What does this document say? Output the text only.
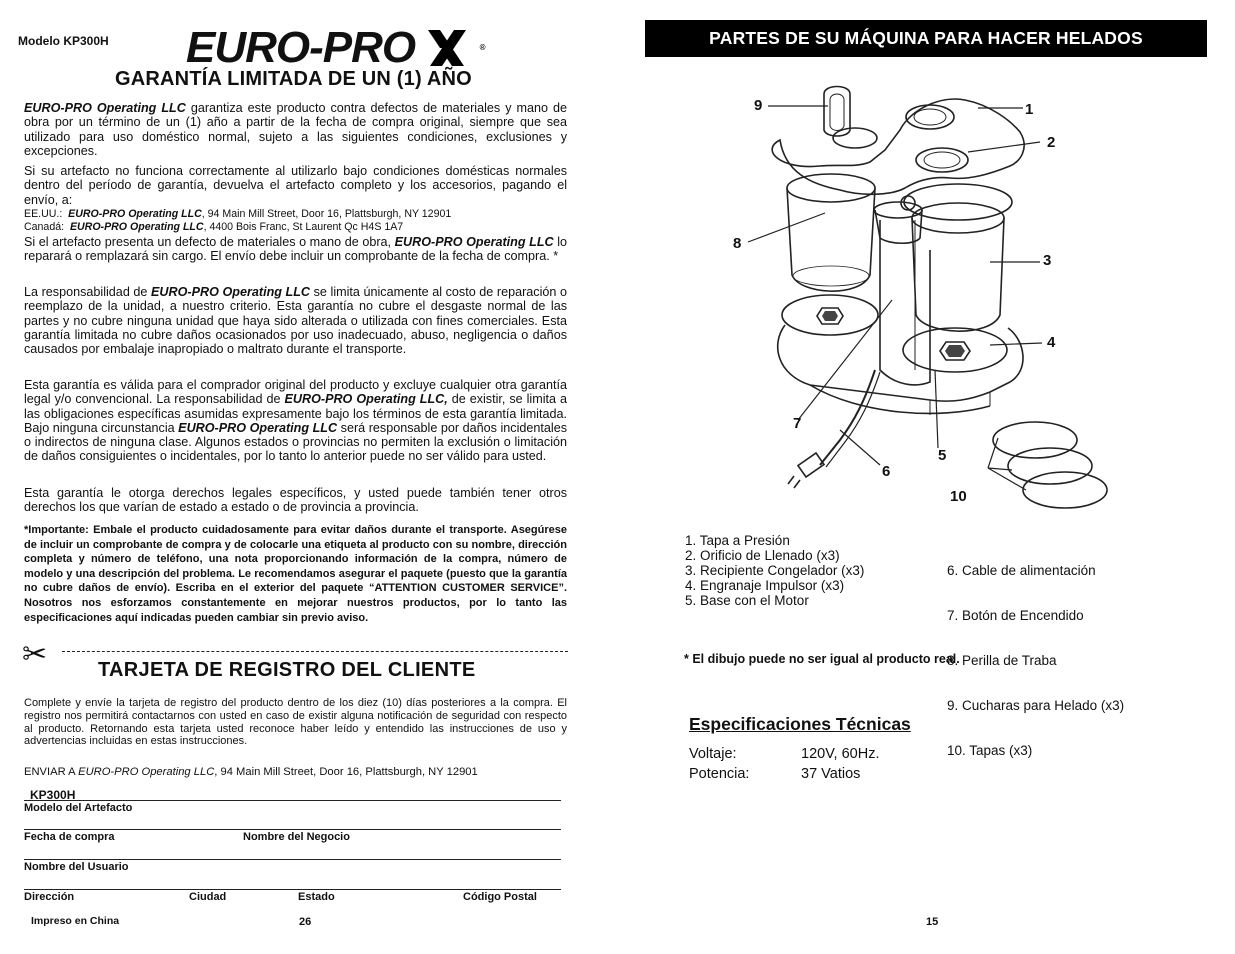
Modelo KP300H EURO-PRO	®
GARANTÍA LIMITADA DE UN (1) AÑO
EURO-PRO Operating LLC garantiza este producto contra defectos de materiales y mano de obra por un término de un (1) año a partir de la fecha de compra original, siempre que sea utilizado para uso doméstico normal, sujeto a las siguientes condiciones, exclusiones y excepciones.
Si su artefacto no funciona correctamente al utilizarlo bajo condiciones domésticas normales dentro del período de garantía, devuelva el artefacto completo y los accesorios, pagando el envío, a:
EE.UU.: EURO-PRO Operating LLC, 94 Main Mill Street, Door 16, Plattsburgh, NY 12901
Canadá: EURO-PRO Operating LLC, 4400 Bois Franc, St Laurent Qc H4S 1A7
Si el artefacto presenta un defecto de materiales o mano de obra, EURO-PRO Operating LLC lo reparará o remplazará sin cargo. El envío debe incluir un comprobante de la fecha de compra. *
La responsabilidad de EURO-PRO Operating LLC se limita únicamente al costo de reparación o reemplazo de la unidad, a nuestro criterio. Esta garantía no cubre el desgaste normal de las partes y no cubre ninguna unidad que haya sido alterada o utilizada con fines comerciales. Esta garantía limitada no cubre daños ocasionados por uso inadecuado, abuso, negligencia o daños causados por embalaje inapropiado o maltrato durante el transporte.
Esta garantía es válida para el comprador original del producto y excluye cualquier otra garantía legal y/o convencional. La responsabilidad de EURO-PRO Operating LLC, de existir, se limita a las obligaciones específicas asumidas expresamente bajo los términos de esta garantía limitada. Bajo ninguna circunstancia EURO-PRO Operating LLC será responsable por daños incidentales o indirectos de ninguna clase. Algunos estados o provincias no permiten la exclusión o limitación de daños consiguientes o incidentales, por lo tanto lo anterior puede no ser válido para usted.
Esta garantía le otorga derechos legales específicos, y usted puede también tener otros derechos los que varían de estado a estado o de provincia a provincia.
*Importante: Embale el producto cuidadosamente para evitar daños durante el transporte. Asegúrese de incluir un comprobante de compra y de colocarle una etiqueta al producto con su nombre, dirección completa y número de teléfono, una nota proporcionando información de la compra, número de modelo y una descripción del problema. Le recomendamos asegurar el paquete (puesto que la garantía no cubre daños de envío). Escriba en el exterior del paquete “ATTENTION CUSTOMER SERVICE”. Nosotros nos esforzamos constantemente en mejorar nuestros productos, por lo tanto las especificaciones aquí indicadas pueden cambiar sin previo aviso.
✂	TARJETA DE REGISTRO DEL CLIENTE
Complete y envíe la tarjeta de registro del producto dentro de los diez (10) días posteriores a la compra. El registro nos permitirá contactarnos con usted en caso de existir alguna notificación de seguridad con respecto al producto. Retornando esta tarjeta usted reconoce haber leído y entendido las instrucciones de uso y advertencias incluidas en estas instrucciones.
ENVIAR A EURO-PRO Operating LLC, 94 Main Mill Street, Door 16, Plattsburgh, NY 12901
KP300H
Modelo del Artefacto
Fecha de compra	Nombre del Negocio
Nombre del Usuario
Dirección	Ciudad	Estado	Código Postal
Impreso en China	26
PARTES DE SU MÁQUINA PARA HACER HELADOS
9	1
2
8
3
4
7
5
6
10
1. Tapa a Presión
2. Orificio de Llenado (x3)
3. Recipiente Congelador (x3)
4. Engranaje Impulsor (x3)
5. Base con el Motor

6. Cable de alimentación

7. Botón de Encendido

8. Perilla de Traba

9. Cucharas para Helado (x3)

10. Tapas (x3)

* El dibujo puede no ser igual al producto real.
Especificaciones Técnicas
Voltaje:	120V, 60Hz.
Potencia:	37 Vatios
15
